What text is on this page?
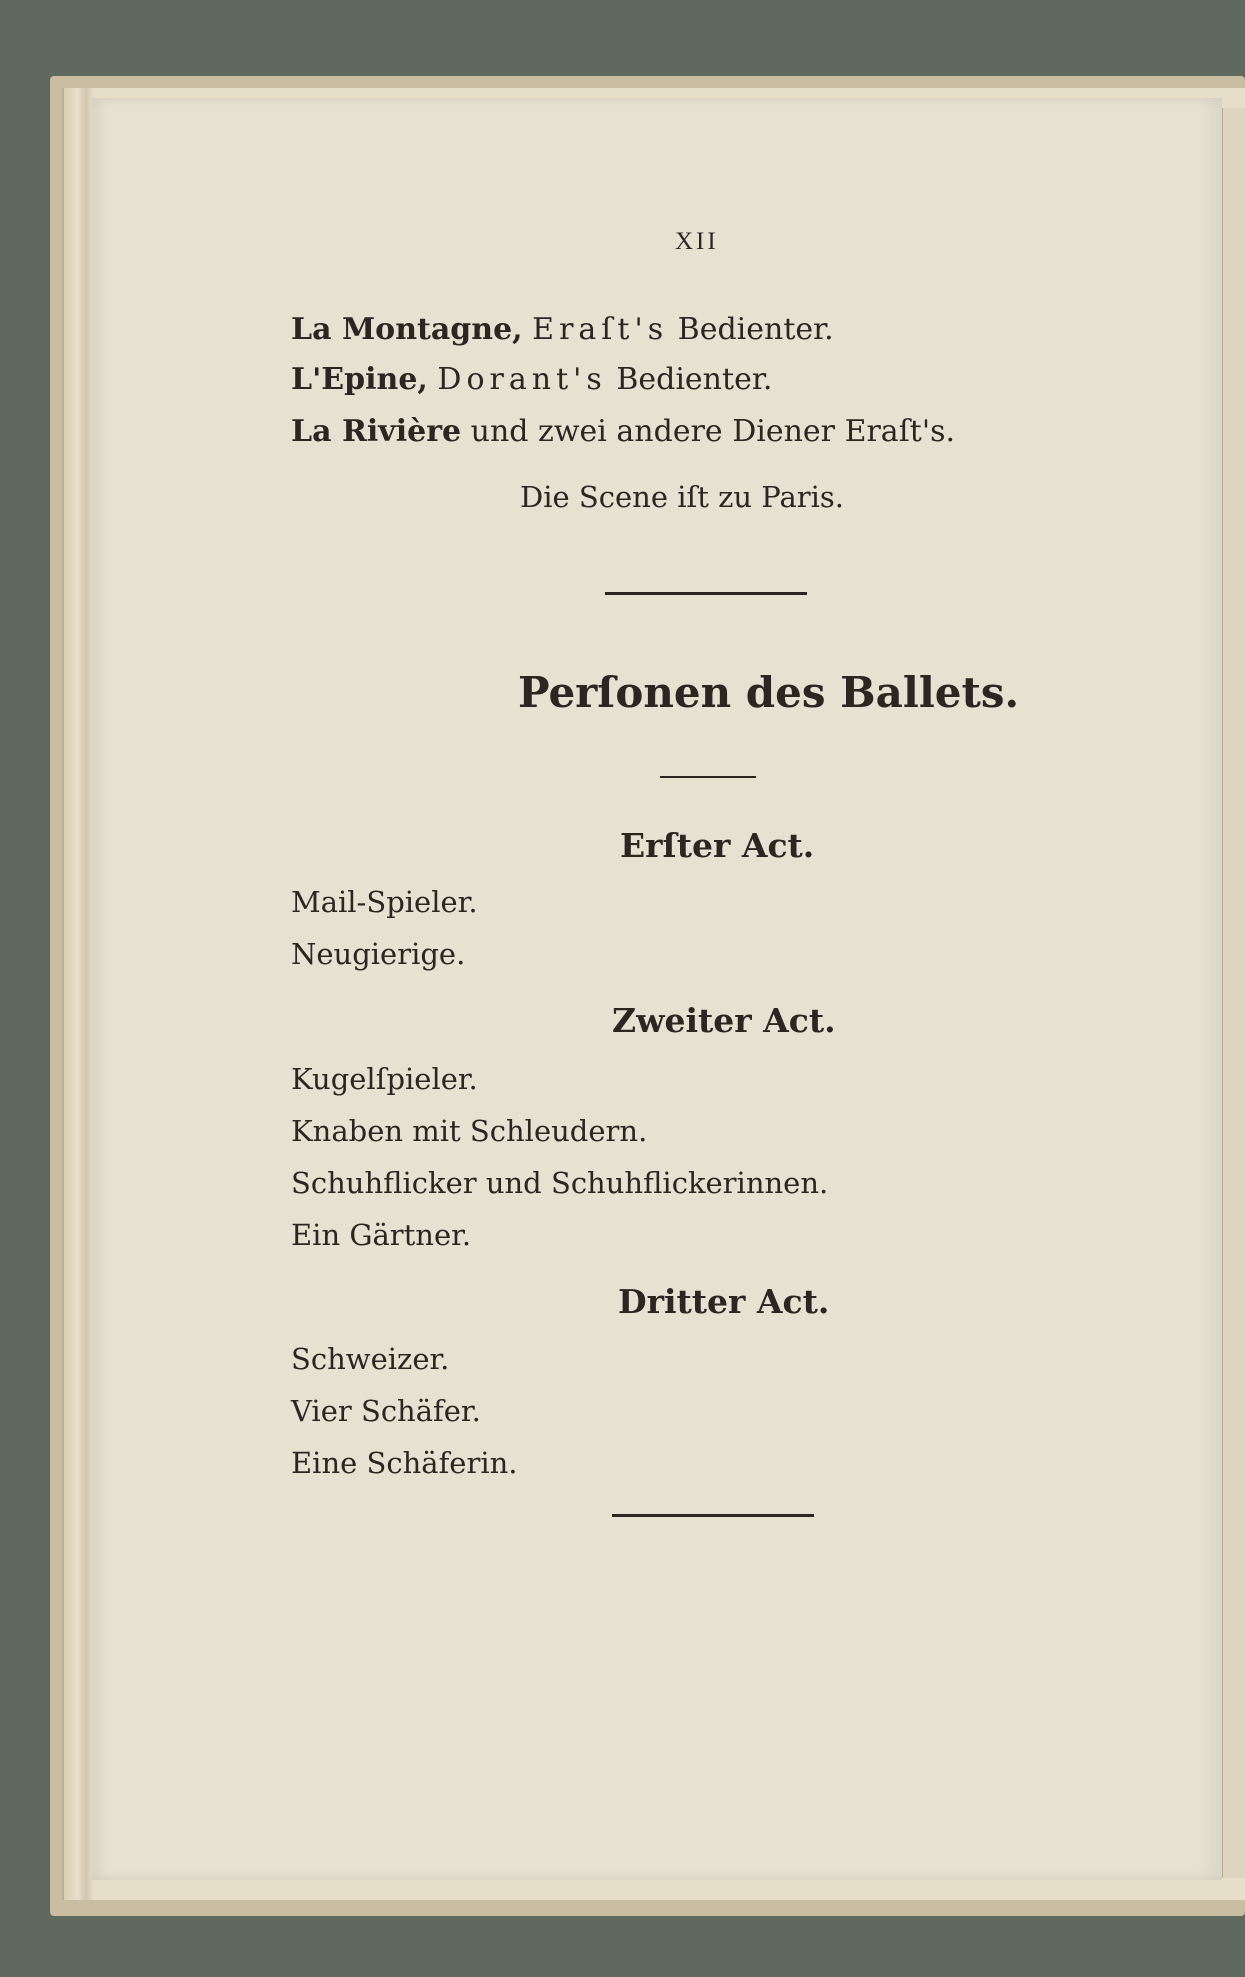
XII
La Montagne, Eraſt's Bedienter.
L'Epine, Dorant's Bedienter.
La Rivière und zwei andere Diener Eraſt's.
Die Scene iſt zu Paris.
Perſonen des Ballets.
Erſter Act.
Mail-Spieler.
Neugierige.
Zweiter Act.
Kugelſpieler.
Knaben mit Schleudern.
Schuhflicker und Schuhflickerinnen.
Ein Gärtner.
Dritter Act.
Schweizer.
Vier Schäfer.
Eine Schäferin.
